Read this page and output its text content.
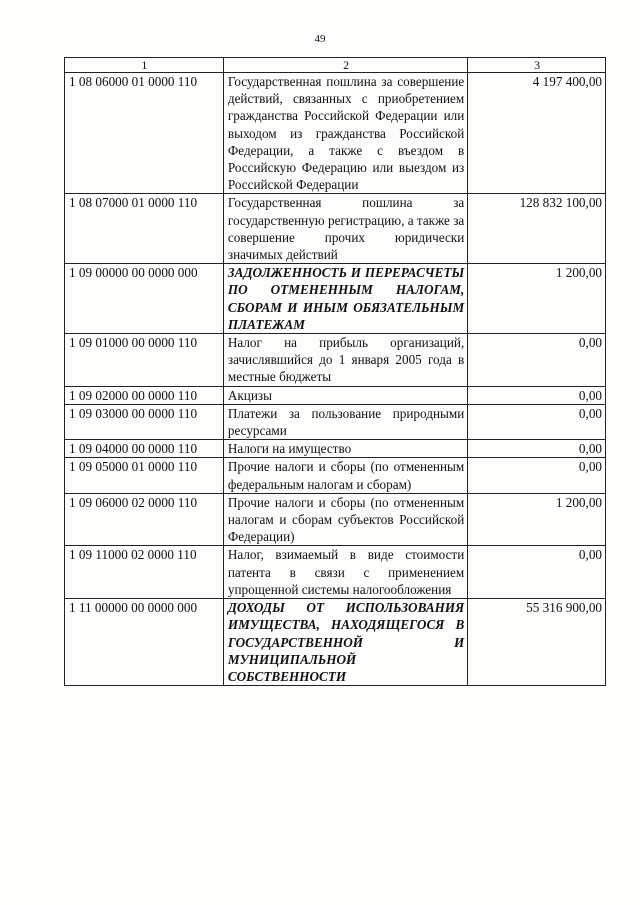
49
1	2	3
1 08 06000 01 0000 110	Государственная пошлина за совершение действий, связанных с приобретением гражданства Российской Федерации или выходом из гражданства Российской Федерации, а также с въездом в Российскую Федерацию или выездом из Российской Федерации	4 197 400,00
1 08 07000 01 0000 110	Государственная пошлина за государственную регистрацию, а также за совершение прочих юридически значимых действий	128 832 100,00
1 09 00000 00 0000 000	ЗАДОЛЖЕННОСТЬ И ПЕРЕРАСЧЕТЫ ПО ОТМЕНЕННЫМ НАЛОГАМ, СБОРАМ И ИНЫМ ОБЯЗАТЕЛЬНЫМ ПЛАТЕЖАМ	1 200,00
1 09 01000 00 0000 110	Налог на прибыль организаций, зачислявшийся до 1 января 2005 года в местные бюджеты	0,00
1 09 02000 00 0000 110	Акцизы	0,00
1 09 03000 00 0000 110	Платежи за пользование природными ресурсами	0,00
1 09 04000 00 0000 110	Налоги на имущество	0,00
1 09 05000 01 0000 110	Прочие налоги и сборы (по отмененным федеральным налогам и сборам)	0,00
1 09 06000 02 0000 110	Прочие налоги и сборы (по отмененным налогам и сборам субъектов Российской Федерации)	1 200,00
1 09 11000 02 0000 110	Налог, взимаемый в виде стоимости патента в связи с применением упрощенной системы налогообложения	0,00
1 11 00000 00 0000 000	ДОХОДЫ ОТ ИСПОЛЬЗОВАНИЯ ИМУЩЕСТВА, НАХОДЯЩЕГОСЯ В ГОСУДАРСТВЕННОЙ И МУНИЦИПАЛЬНОЙ СОБСТВЕННОСТИ	55 316 900,00
